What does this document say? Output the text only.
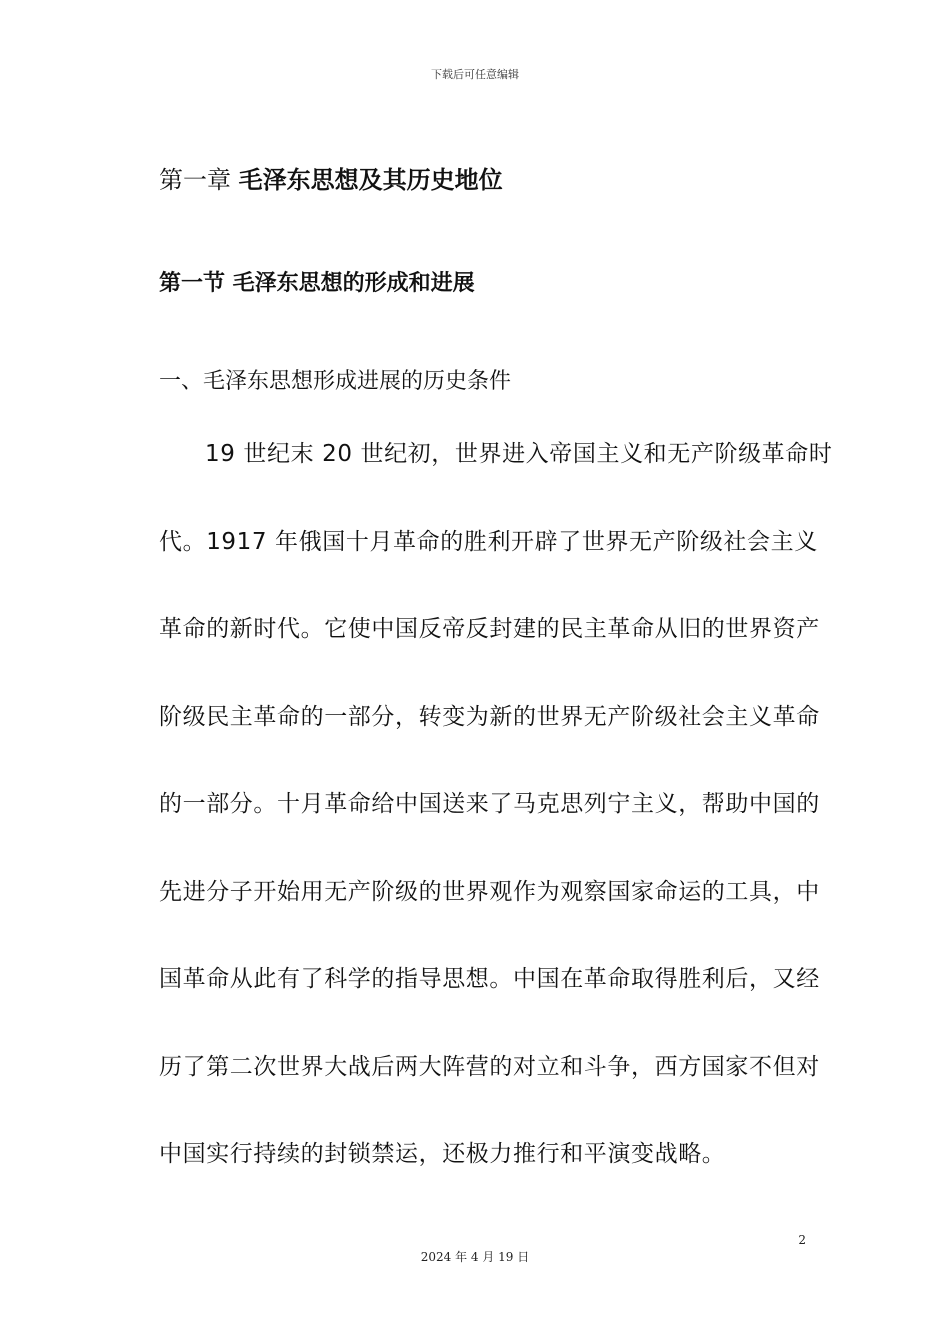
下载后可任意编辑
第一章 毛泽东思想及其历史地位
第一节 毛泽东思想的形成和进展
一、毛泽东思想形成进展的历史条件
19 世纪末 20 世纪初，世界进入帝国主义和无产阶级革命时
代。1917 年俄国十月革命的胜利开辟了世界无产阶级社会主义
革命的新时代。它使中国反帝反封建的民主革命从旧的世界资产
阶级民主革命的一部分，转变为新的世界无产阶级社会主义革命
的一部分。十月革命给中国送来了马克思列宁主义，帮助中国的
先进分子开始用无产阶级的世界观作为观察国家命运的工具，中
国革命从此有了科学的指导思想。中国在革命取得胜利后，又经
历了第二次世界大战后两大阵营的对立和斗争，西方国家不但对
中国实行持续的封锁禁运，还极力推行和平演变战略。
2
2024 年 4 月 19 日
